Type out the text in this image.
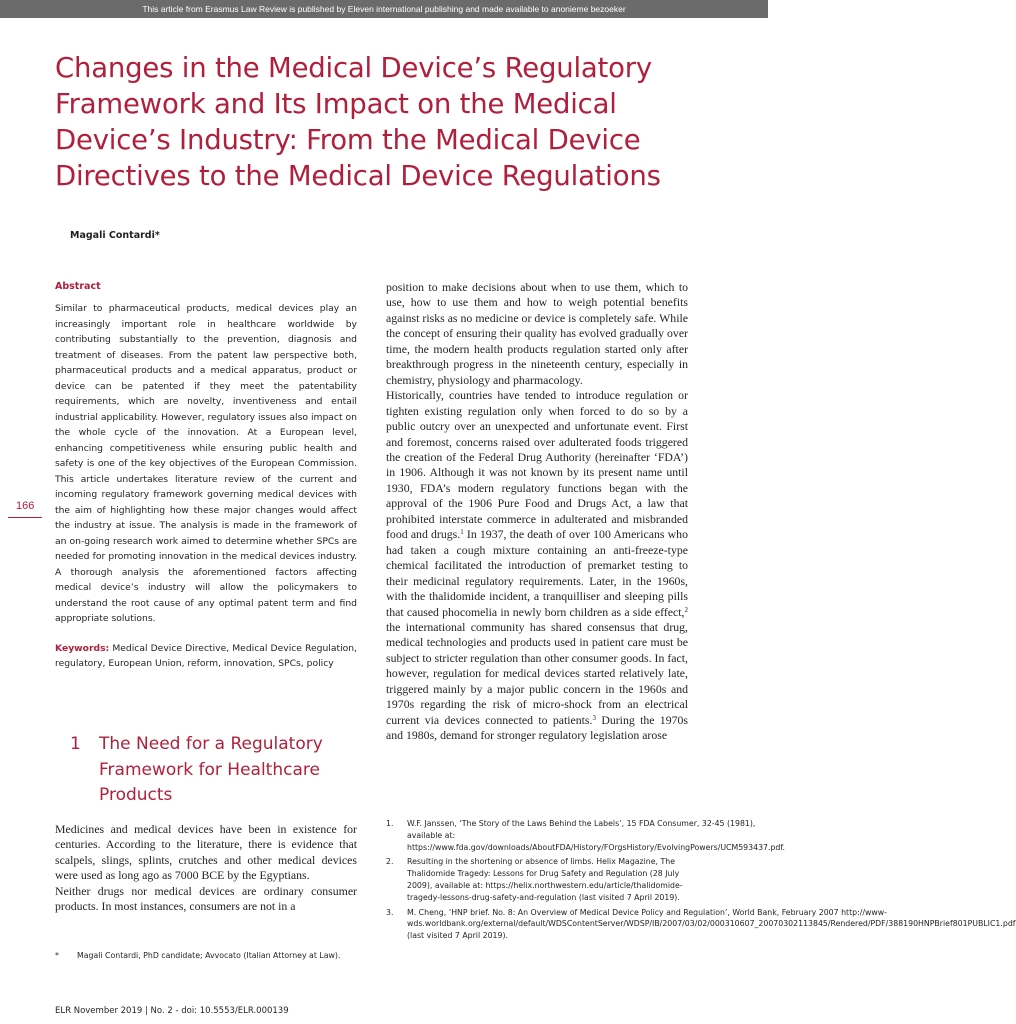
This article from Erasmus Law Review is published by Eleven international publishing and made available to anonieme bezoeker
Changes in the Medical Device’s Regulatory Framework and Its Impact on the Medical Device’s Industry: From the Medical Device Directives to the Medical Device Regulations
Magali Contardi*
Abstract

Similar to pharmaceutical products, medical devices play an increasingly important role in healthcare worldwide by contributing substantially to the prevention, diagnosis and treatment of diseases. From the patent law perspective both, pharmaceutical products and a medical apparatus, product or device can be patented if they meet the patentability requirements, which are novelty, inventiveness and entail industrial applicability. However, regulatory issues also impact on the whole cycle of the innovation. At a European level, enhancing competitiveness while ensuring public health and safety is one of the key objectives of the European Commission. This article undertakes literature review of the current and incoming regulatory framework governing medical devices with the aim of highlighting how these major changes would affect the industry at issue. The analysis is made in the framework of an on-going research work aimed to determine whether SPCs are needed for promoting innovation in the medical devices industry. A thorough analysis the aforementioned factors affecting medical device’s industry will allow the policymakers to understand the root cause of any optimal patent term and find appropriate solutions.

Keywords: Medical Device Directive, Medical Device Regulation, regulatory, European Union, reform, innovation, SPCs, policy

1	The Need for a Regulatory Framework for Healthcare Products

Medicines and medical devices have been in existence for centuries. According to the literature, there is evidence that scalpels, slings, splints, crutches and other medical devices were used as long ago as 7000 BCE by the Egyptians.

Neither drugs nor medical devices are ordinary consumer products. In most instances, consumers are not in a

*	Magali Contardi, PhD candidate; Avvocato (Italian Attorney at Law).
166

position to make decisions about when to use them, which to use, how to use them and how to weigh potential benefits against risks as no medicine or device is completely safe. While the concept of ensuring their quality has evolved gradually over time, the modern health products regulation started only after breakthrough progress in the nineteenth century, especially in chemistry, physiology and pharmacology.

Historically, countries have tended to introduce regulation or tighten existing regulation only when forced to do so by a public outcry over an unexpected and unfortunate event. First and foremost, concerns raised over adulterated foods triggered the creation of the Federal Drug Authority (hereinafter ‘FDA’) in 1906. Although it was not known by its present name until 1930, FDA’s modern regulatory functions began with the approval of the 1906 Pure Food and Drugs Act, a law that prohibited interstate commerce in adulterated and misbranded food and drugs.$^1$ In 1937, the death of over 100 Americans who had taken a cough mixture containing an anti-freeze-type chemical facilitated the introduction of premarket testing to their medicinal regulatory requirements. Later, in the 1960s, with the thalidomide incident, a tranquilliser and sleeping pills that caused phocomelia in newly born children as a side effect,$^2$ the international community has shared consensus that drug, medical technologies and products used in patient care must be subject to stricter regulation than other consumer goods. In fact, however, regulation for medical devices started relatively late, triggered mainly by a major public concern in the 1960s and 1970s regarding the risk of micro-shock from an electrical current via devices connected to patients.$^3$ During the 1970s and 1980s, demand for stronger regulatory legislation arose

1.	W.F. Janssen, ‘The Story of the Laws Behind the Labels’, 15 FDA Consumer, 32-45 (1981), available at: https://www.fda.gov/downloads/AboutFDA/History/FOrgsHistory/EvolvingPowers/UCM593437.pdf.
2.	Resulting in the shortening or absence of limbs. Helix Magazine, The Thalidomide Tragedy: Lessons for Drug Safety and Regulation (28 July 2009), available at: https://helix.northwestern.edu/article/thalidomide-tragedy-lessons-drug-safety-and-regulation (last visited 7 April 2019).
3.	M. Cheng, ‘HNP brief. No. 8: An Overview of Medical Device Policy and Regulation’, World Bank, February 2007 http://www-wds.worldbank.org/external/default/WDSContentServer/WDSP/IB/2007/03/02/000310607_20070302113845/Rendered/PDF/388190HNPBrief801PUBLIC1.pdf (last visited 7 April 2019).
ELR November 2019 | No. 2 - doi: 10.5553/ELR.000139
